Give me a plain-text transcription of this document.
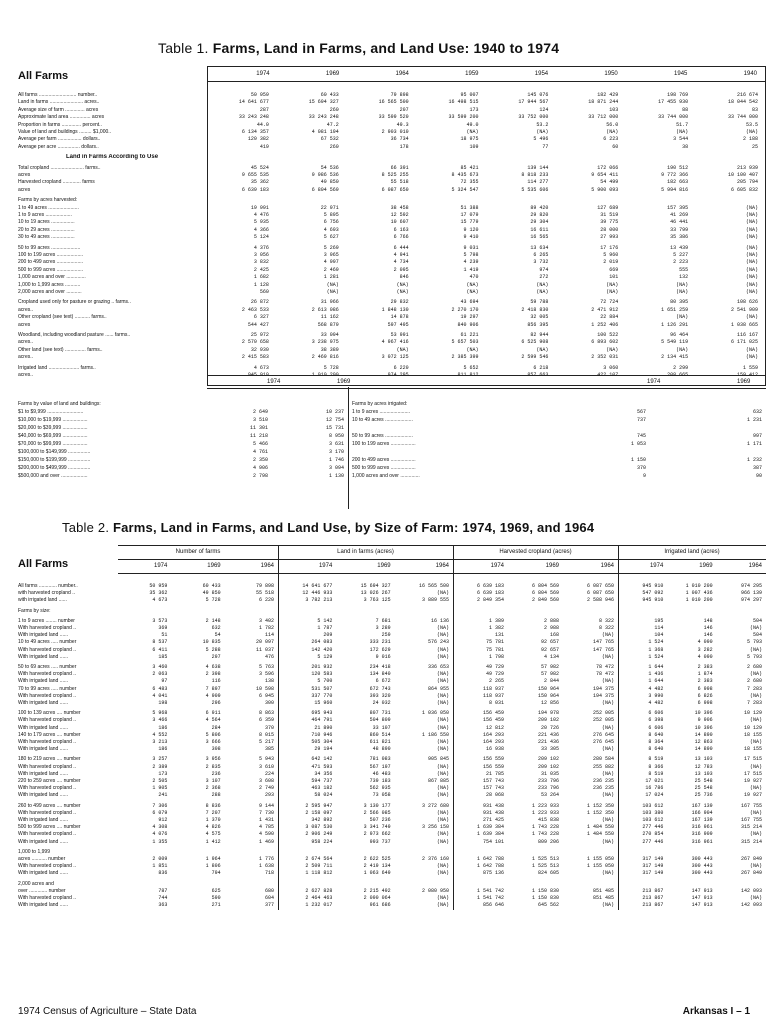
Table 1. Farms, Land in Farms, and Land Use: 1940 to 1974
All Farms	1974	1969	1964	1959	1954	1950	1945	1940
All farms ........................... number..	50 959	60 433	79 898	95 007	145 076	182 429	198 769	216 674
Land in farms ........................ acres..	14 641 677	15 694 327	16 565 500	16 498 515	17 944 567	18 871 244	17 455 930	18 044 542
Average size of farm .............. acres	287	260	207	173	124	103	88	83
Approximate land area ............... acres	33 243 248	33 243 248	33 599 520	33 599 200	33 752 000	33 712 000	33 744 000	33 744 000
Proportion in farms .............. percent..	44.0	47.2	49.3	49.0	53.2	56.0	51.7	53.5
Value of land and buildings ......... $1,000..	6 134 357	4 081 194	2 903 010	(NA)	(NA)	(NA)	(NA)	(NA)
Average per farm ................. dollars..	120 382	67 532	36 734	18 975	5 496	6 223	3 544	2 188
Average per acre ................ dollars..	419	260	178	109	77	60	38	25
Land in Farms According to Use
Total cropland ........................ farms..	45 524	54 536	66 391	85 421	139 144	172 066	190 512	213 939
acres	9 655 535	9 986 536	8 525 255	8 435 673	8 818 233	9 654 411	9 772 366	10 100 407
Harvested cropland ............. farms	35 362	49 850	55 518	72 355	114 277	54 499	182 663	205 794
acres	6 639 183	6 804 569	6 087 650	5 324 547	5 535 606	5 900 093	5 994 816	6 605 832
Farms by acres harvested:
1 to 49 acres ......................	19 991	22 971	38 458	51 388	89 420	127 689	157 395	(NA)
1 to 9 acres ...................	4 476	5 895	12 592	17 079	29 820	31 519	41 269	(NA)
10 to 19 acres .................	5 935	6 756	10 607	15 779	29 304	39 775	46 441	(NA)
20 to 29 acres .................	4 366	4 693	6 163	9 120	16 611	28 000	33 799	(NA)
30 to 49 acres .................	5 124	5 627	6 766	9 410	16 565	27 993	35 386	(NA)
50 to 99 acres .....................	4 376	5 269	6 444	9 031	13 634	17 176	13 439	(NA)
100 to 199 acres ...................	3 056	3 965	4 941	5 798	6 265	5 960	5 227	(NA)
200 to 499 acres ...................	3 832	4 997	4 734	4 239	3 732	2 019	2 223	(NA)
500 to 999 acres ...................	2 425	2 469	2 095	1 419	974	669	555	(NA)
1,000 acres and over ..............	1 682	1 281	846	470	272	101	132	(NA)
1,000 to 1,999 acres ...........	1 128	(NA)	(NA)	(NA)	(NA)	(NA)	(NA)	(NA)
2,000 acres and over ...........	560	(NA)	(NA)	(NA)	(NA)	(NA)	(NA)	(NA)
Cropland used only for pasture or grazing .. farms..	26 872	31 966	29 832	43 694	59 788	72 724	80 395	108 626
acres..	2 463 533	2 613 086	1 848 130	2 270 170	2 418 830	2 471 912	1 651 259	2 541 909
Other cropland (see text) ........... farms..	6 327	11 162	14 878	19 297	32 005	22 884	(NA)	(NA)
acres	544 427	568 879	597 495	840 906	856 395	1 252 406	1 126 291	1 038 665
Woodland, including woodland pasture ...... farms..	25 972	33 094	53 991	61 221	82 944	100 522	96 464	116 167
acres..	2 570 658	3 238 975	4 967 416	5 657 503	6 525 908	6 893 602	5 549 119	6 171 025
Other land (see text) ............... farms..	32 930	38 389	(NA)	(NA)	(NA)	(NA)	(NA)	(NA)
acres..	2 415 583	2 469 816	3 072 125	2 385 399	2 599 546	2 352 031	2 134 415	(NA)
Irrigated land ...................... farms..	4 673	5 728	6 220	5 652	6 218	3 060	2 299	1 559
acres..	945 910	1 010 200	974 295	811 812	857 663	422 107	208 665	159 412
1974	1969	1974	1969
Farms by value of land and buildings:
$1 to $9,999 ..........................	2 649	10 237
$10,000 to $19,999 ..................	3 510	12 754
$20,000 to $39,999 ..................	11 301	15 731
$40,000 to $69,999 ..................	11 218	8 950
$70,000 to $99,999 ..................	5 466	3 631
$100,000 to $149,999 ................	4 761	3 170
$150,000 to $199,999 ................	2 350	1 746
$200,000 to $499,999 ................	4 906	3 094
$500,000 and over ...................	2 798	1 130
Farms by acres irrigated:
1 to 9 acres ......................	567	632
10 to 49 acres ....................	737	1 231
50 to 99 acres ....................	745	997
100 to 199 acres ..................	1 053	1 171
200 to 499 acres ..................	1 150	1 232
500 to 999 acres ..................	370	387
1,000 acres and over ..............	9	90
Table 2. Farms, Land in Farms, and Land Use, by Size of Farm: 1974, 1969, and 1964
All Farms
Number of farms	Land in farms (acres)	Harvested cropland (acres)	Irrigated land (acres)
1974	1969	1964	1974	1969	1964	1974	1969	1964	1974	1969	1964
All farms ............. number..	50 959	60 433	79 898	14 641 677	15 694 327	16 565 500	6 639 183	6 804 569	6 087 650	945 910	1 010 200	974 295
with harvested cropland ..	35 362	49 850	55 518	12 446 933	13 026 267	(NA)	6 639 183	6 804 569	6 087 650	547 092	1 007 436	966 139
with irrigated land ......	4 673	5 728	6 220	3 782 213	3 763 125	3 889 555	2 849 354	2 849 560	2 588 946	945 910	1 010 200	974 297
Farms by size:
1 to 9 acres ........ number	3 573	2 148	3 402	5 142	7 681	16 136	1 389	2 888	8 322	195	148	504
With harvested cropland ..	369	632	1 782	1 787	3 289	(NA)	1 382	2 988	8 322	114	146	(NA)
With irrigated land ......	51	54	114	209	259	(NA)	131	168	(NA)	104	146	504
10 to 49 acres ..... number	8 537	10 835	20 097	264 083	333 231	576 243	75 781	92 657	147 765	1 524	4 090	5 793
With harvested cropland ..	6 411	5 288	11 037	142 420	172 629	(NA)	75 781	92 657	147 765	1 368	3 282	(NA)
With irrigated land ......	185	297	476	5 129	9 016	(NA)	1 798	4 134	(NA)	1 524	4 090	5 793
50 to 69 acres ..... number	3 460	4 638	5 763	201 932	234 418	336 653	49 729	57 982	78 472	1 644	2 383	2 680
With harvested cropland ..	2 063	2 398	3 596	120 583	134 840	(NA)	49 729	57 982	78 472	1 436	1 874	(NA)
With irrigated land ......	97	116	138	5 700	6 672	(NA)	2 265	2 844	(NA)	1 644	2 383	2 680
70 to 99 acres ..... number	6 483	7 897	10 598	531 507	672 743	864 955	118 937	150 964	194 375	4 482	6 998	7 283
With harvested cropland ..	4 041	4 909	6 945	337 770	393 320	(NA)	118 937	150 964	194 375	3 990	6 826	(NA)
With irrigated land ......	198	296	300	15 960	24 032	(NA)	8 031	12 856	(NA)	4 482	6 998	7 283
100 to 139 acres .... number	5 968	6 911	8 863	695 943	807 731	1 036 050	156 459	194 978	252 005	6 606	10 396	10 129
With harvested cropland ..	3 466	4 564	6 359	464 791	504 809	(NA)	156 459	209 102	252 005	6 398	9 906	(NA)
With irrigated land ......	186	284	370	21 890	33 107	(NA)	12 812	20 726	(NA)	6 606	10 396	10 129
140 to 179 acres .... number	4 552	5 806	8 015	710 946	860 514	1 186 550	164 293	221 436	276 645	8 640	14 890	18 155
With harvested cropland ..	3 213	3 666	5 217	505 304	611 821	(NA)	164 293	221 436	276 645	8 364	12 863	(NA)
With irrigated land ......	186	308	385	29 194	48 890	(NA)	16 938	33 305	(NA)	8 640	14 890	18 155
180 to 219 acres .... number	3 257	3 956	5 943	642 142	781 083	905 845	156 559	209 102	280 584	8 519	13 103	17 515
With harvested cropland ..	2 389	2 835	3 610	471 593	567 197	(NA)	156 559	209 102	255 882	8 366	12 783	(NA)
With irrigated land ......	173	236	224	34 356	46 483	(NA)	21 785	31 035	(NA)	8 519	13 103	17 515
220 to 259 acres .... number	2 505	3 107	3 608	594 737	739 183	867 885	157 743	233 796	236 235	17 021	25 548	19 927
With harvested cropland ..	1 905	2 368	2 749	463 182	562 935	(NA)	157 743	233 796	236 235	16 786	25 548	(NA)
With irrigated land ......	241	288	293	58 024	73 058	(NA)	28 068	53 264	(NA)	17 024	25 736	19 927
260 to 499 acres .... number	7 306	8 836	9 144	2 595 947	3 130 177	3 272 680	931 438	1 223 933	1 152 350	103 612	167 139	167 755
With harvested cropland ..	6 079	7 207	7 730	2 158 097	2 566 085	(NA)	931 438	1 223 933	1 152 350	103 380	166 904	(NA)
With irrigated land ......	912	1 370	1 431	342 892	507 236	(NA)	271 425	415 838	(NA)	103 612	167 139	167 755
500 to 999 acres .... number	4 308	4 826	4 785	3 087 530	3 341 749	3 256 150	1 639 384	1 743 228	1 484 550	277 446	316 961	315 214
With harvested cropland ..	4 076	4 575	4 590	2 906 249	2 973 662	(NA)	1 639 384	1 743 228	1 484 550	270 854	316 909	(NA)
With irrigated land ......	1 355	1 412	1 469	958 224	993 737	(NA)	754 101	809 206	(NA)	277 446	316 961	315 214
1,000 to 1,999
acres ........... number	2 009	1 964	1 776	2 674 564	2 622 525	2 376 160	1 642 788	1 525 513	1 155 050	317 149	300 443	267 849
With harvested cropland ..	1 851	1 806	1 638	2 509 711	2 419 134	(NA)	1 642 788	1 525 513	1 155 050	317 149	300 443	(NA)
With irrigated land ......	836	794	718	1 118 812	1 063 649	(NA)	875 136	824 605	(NA)	317 149	300 443	267 849
2,000 acres and
over ............. number	787	625	680	2 627 828	2 215 492	2 080 950	1 541 742	1 150 830	851 485	213 867	147 913	142 093
With harvested cropland ..	744	590	604	2 464 463	2 090 064	(NA)	1 541 742	1 150 830	851 485	213 867	147 913	(NA)
With irrigated land ......	363	271	377	1 232 017	961 686	(NA)	856 646	645 562	(NA)	213 867	147 913	142 093
1974 Census of Agriculture – State Data	Arkansas I – 1
